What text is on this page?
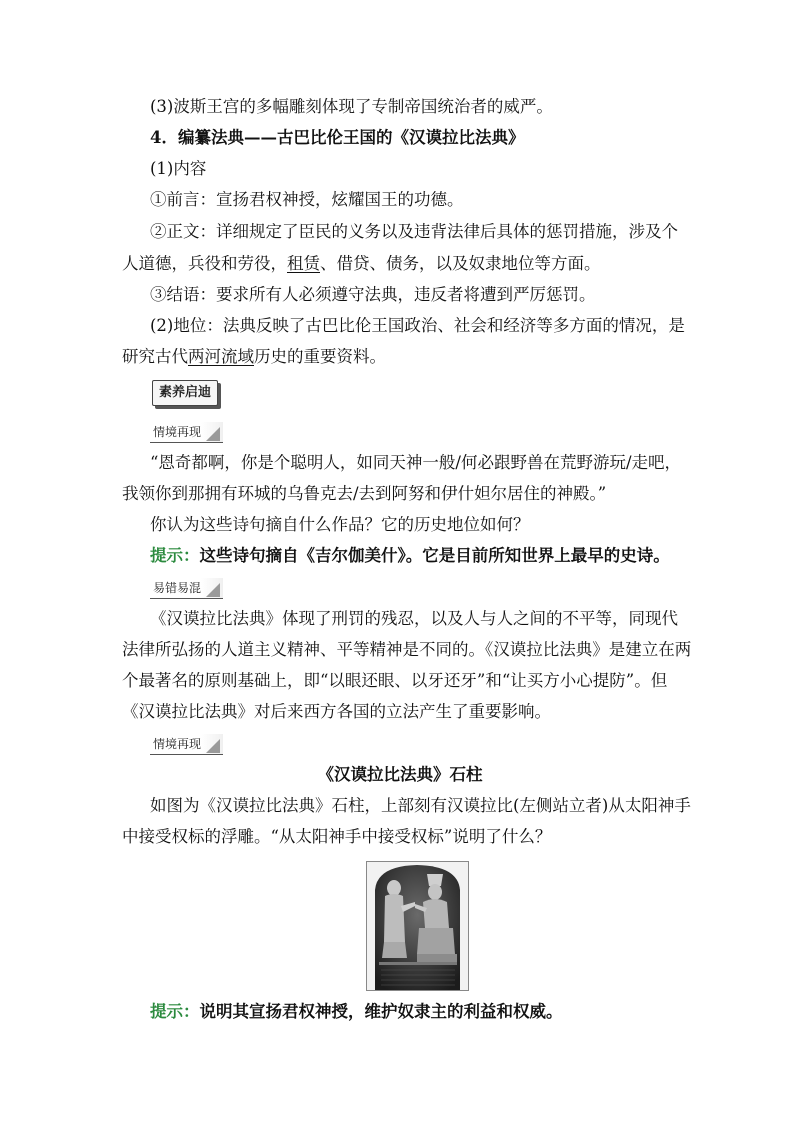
(3)波斯王宫的多幅雕刻体现了专制帝国统治者的威严。
4．编纂法典——古巴比伦王国的《汉谟拉比法典》
(1)内容
①前言：宣扬君权神授，炫耀国王的功德。
②正文：详细规定了臣民的义务以及违背法律后具体的惩罚措施，涉及个
人道德，兵役和劳役，租赁、借贷、债务，以及奴隶地位等方面。
③结语：要求所有人必须遵守法典，违反者将遭到严厉惩罚。
(2)地位：法典反映了古巴比伦王国政治、社会和经济等多方面的情况，是
研究古代两河流域历史的重要资料。
素养启迪
情境再现
“恩奇都啊，你是个聪明人，如同天神一般/何必跟野兽在荒野游玩/走吧，
我领你到那拥有环城的乌鲁克去/去到阿努和伊什妲尔居住的神殿。”
你认为这些诗句摘自什么作品？它的历史地位如何？
提示：这些诗句摘自《吉尔伽美什》。它是目前所知世界上最早的史诗。
易错易混
《汉谟拉比法典》体现了刑罚的残忍，以及人与人之间的不平等，同现代
法律所弘扬的人道主义精神、平等精神是不同的。《汉谟拉比法典》是建立在两
个最著名的原则基础上，即“以眼还眼、以牙还牙”和“让买方小心提防”。但
《汉谟拉比法典》对后来西方各国的立法产生了重要影响。
情境再现
《汉谟拉比法典》石柱
如图为《汉谟拉比法典》石柱，上部刻有汉谟拉比(左侧站立者)从太阳神手
中接受权标的浮雕。“从太阳神手中接受权标”说明了什么？
提示：说明其宣扬君权神授，维护奴隶主的利益和权威。
